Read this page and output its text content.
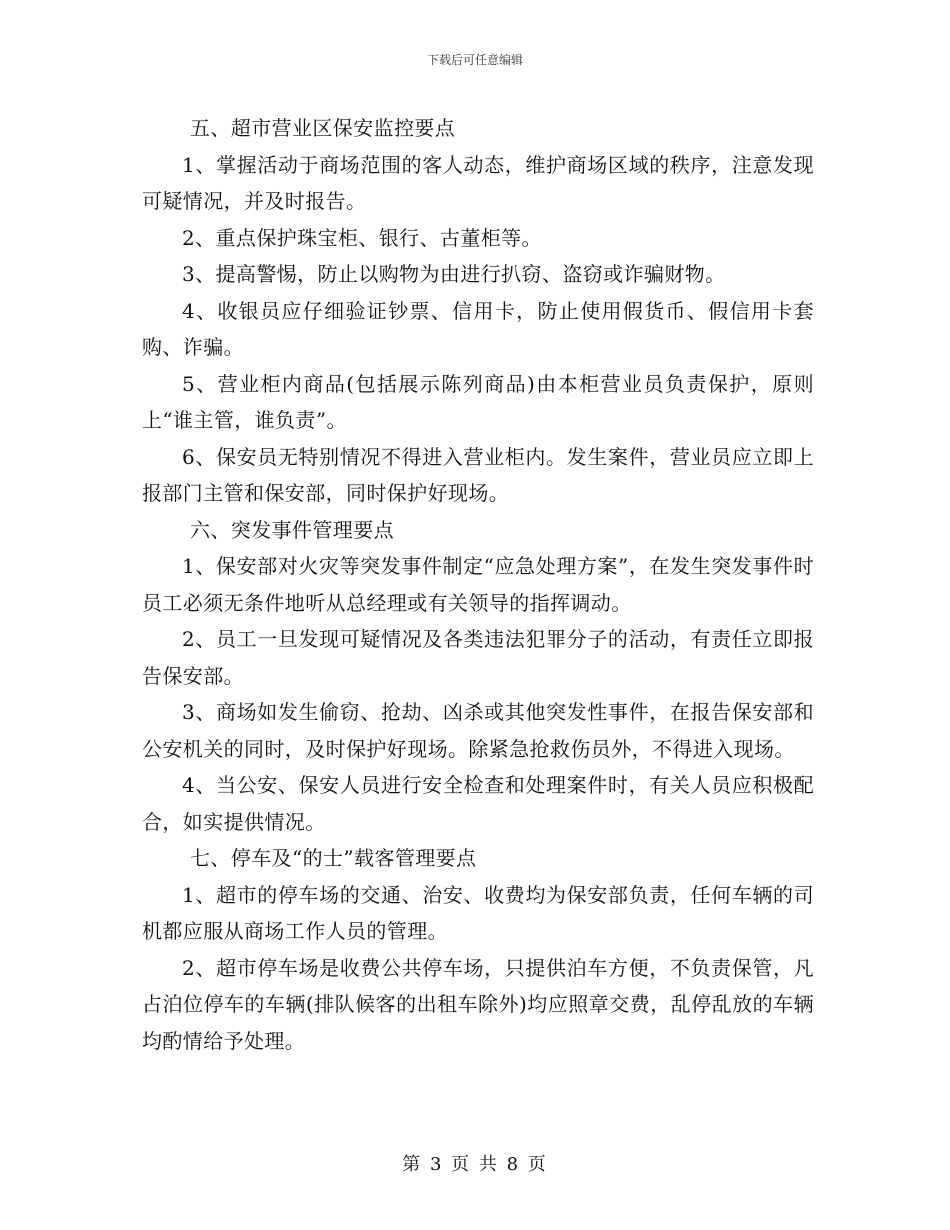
下载后可任意编辑

五、超市营业区保安监控要点

1、掌握活动于商场范围的客人动态，维护商场区域的秩序，注意发现可疑情况，并及时报告。

2、重点保护珠宝柜、银行、古董柜等。

3、提高警惕，防止以购物为由进行扒窃、盗窃或诈骗财物。

4、收银员应仔细验证钞票、信用卡，防止使用假货币、假信用卡套购、诈骗。

5、营业柜内商品(包括展示陈列商品)由本柜营业员负责保护，原则上“谁主管，谁负责”。

6、保安员无特别情况不得进入营业柜内。发生案件，营业员应立即上报部门主管和保安部，同时保护好现场。

六、突发事件管理要点

1、保安部对火灾等突发事件制定“应急处理方案”，在发生突发事件时员工必须无条件地听从总经理或有关领导的指挥调动。

2、员工一旦发现可疑情况及各类违法犯罪分子的活动，有责任立即报告保安部。

3、商场如发生偷窃、抢劫、凶杀或其他突发性事件，在报告保安部和公安机关的同时，及时保护好现场。除紧急抢救伤员外，不得进入现场。

4、当公安、保安人员进行安全检查和处理案件时，有关人员应积极配合，如实提供情况。

七、停车及“的士”载客管理要点

1、超市的停车场的交通、治安、收费均为保安部负责，任何车辆的司机都应服从商场工作人员的管理。

2、超市停车场是收费公共停车场，只提供泊车方便，不负责保管，凡占泊位停车的车辆(排队候客的出租车除外)均应照章交费，乱停乱放的车辆均酌情给予处理。

第 3 页 共 8 页
